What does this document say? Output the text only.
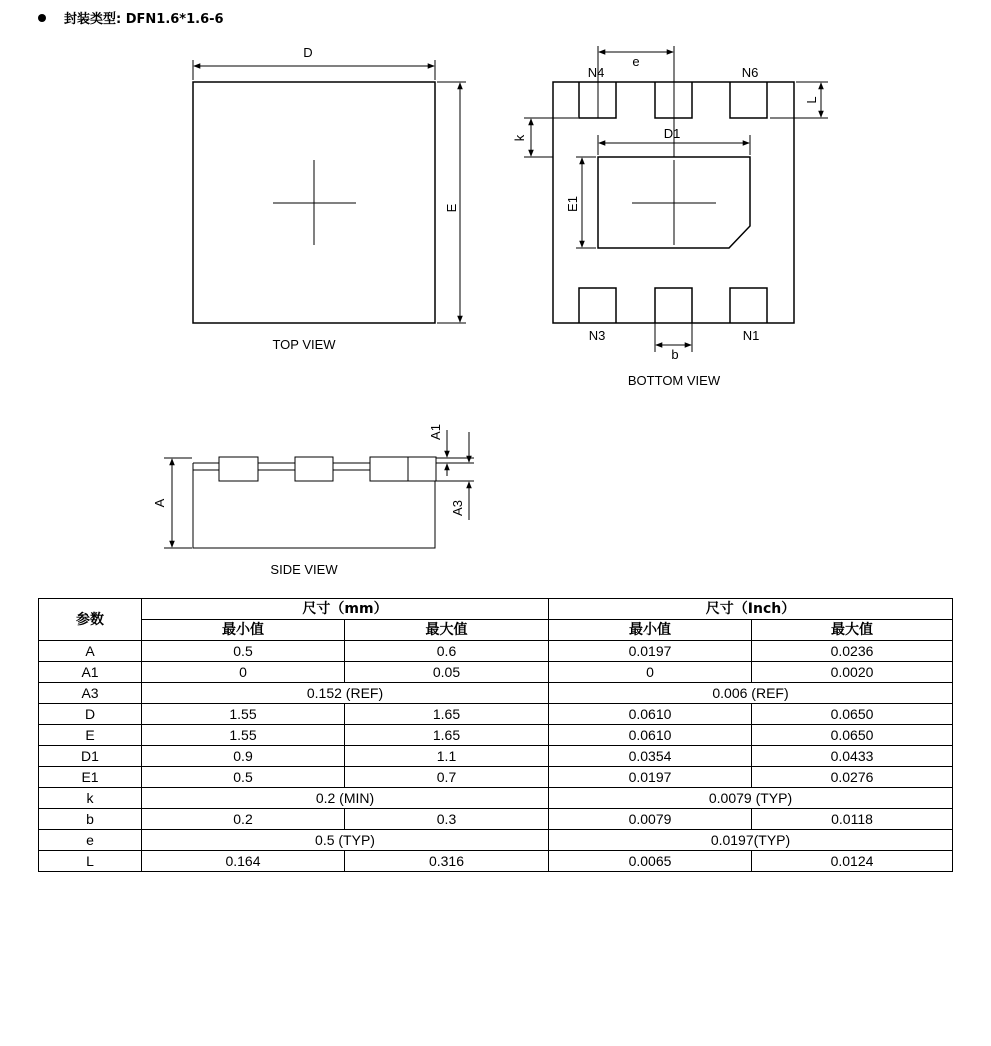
封装类型: DFN1.6*1.6-6
D
E
TOP VIEW
e
N4	N6
N3	N1
L
k	D1
E1
b
BOTTOM VIEW
A
A1
A3
SIDE VIEW
参数	尺寸（mm）		尺寸（Inch）	
	最小值	最大值	最小值	最大值
A	0.5	0.6	0.0197	0.0236
A1	0	0.05	0	0.0020
A3	0.152 (REF)		0.006 (REF)	
D	1.55	1.65	0.0610	0.0650
E	1.55	1.65	0.0610	0.0650
D1	0.9	1.1	0.0354	0.0433
E1	0.5	0.7	0.0197	0.0276
k	0.2 (MIN)		0.0079 (TYP)	
b	0.2	0.3	0.0079	0.0118
e	0.5 (TYP)		0.0197(TYP)	
L	0.164	0.316	0.0065	0.0124
